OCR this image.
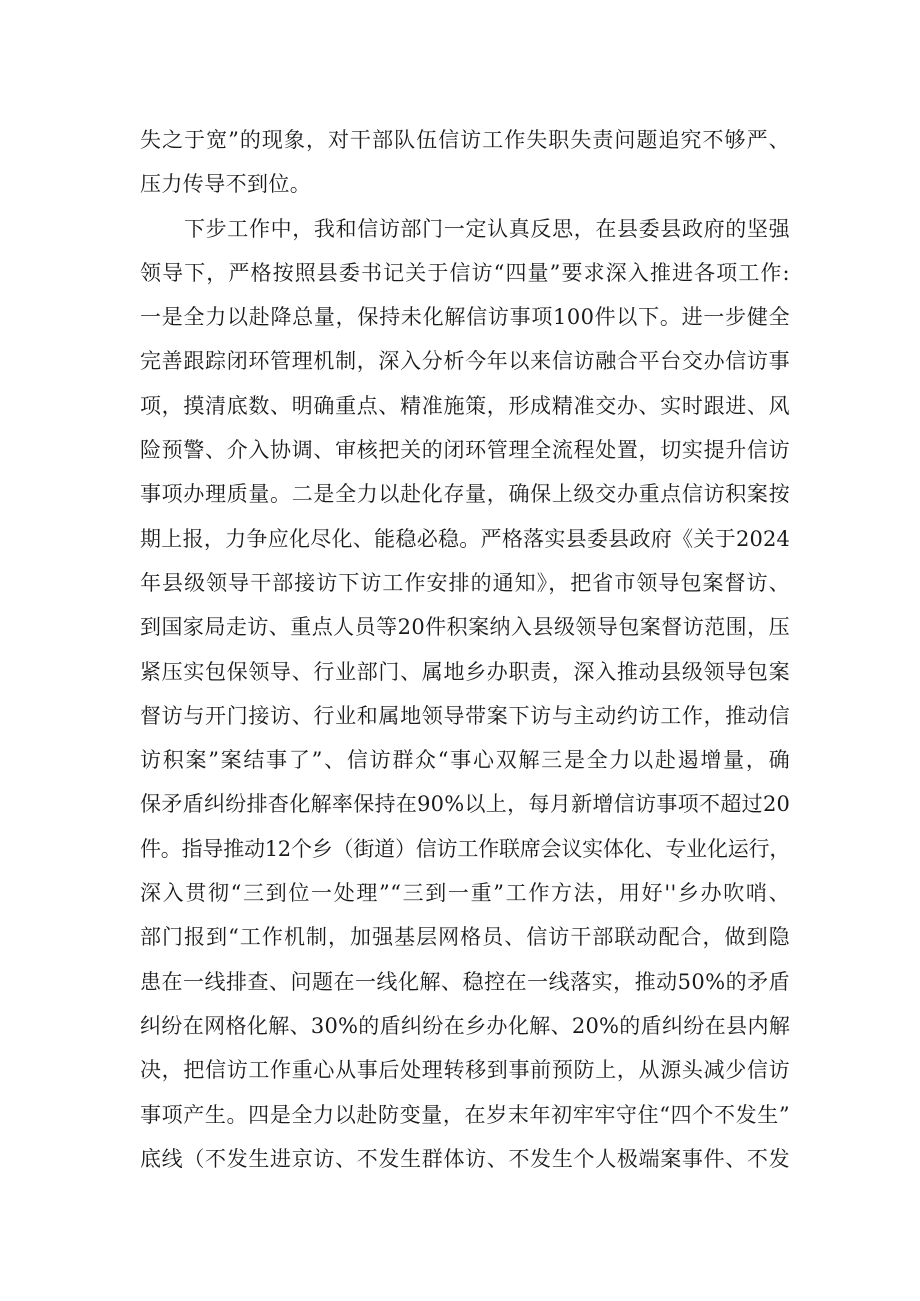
失之于宽”的现象，对干部队伍信访工作失职失责问题追究不够严、
压力传导不到位。
下步工作中，我和信访部门一定认真反思，在县委县政府的坚强
领导下，严格按照县委书记关于信访“四量”要求深入推进各项工作:
一是全力以赴降总量，保持未化解信访事项100件以下。进一步健全
完善跟踪闭环管理机制，深入分析今年以来信访融合平台交办信访事
项，摸清底数、明确重点、精准施策，形成精准交办、实时跟进、风
险预警、介入协调、审核把关的闭环管理全流程处置，切实提升信访
事项办理质量。二是全力以赴化存量，确保上级交办重点信访积案按
期上报，力争应化尽化、能稳必稳。严格落实县委县政府《关于2024
年县级领导干部接访下访工作安排的通知》，把省市领导包案督访、
到国家局走访、重点人员等20件积案纳入县级领导包案督访范围，压
紧压实包保领导、行业部门、属地乡办职责，深入推动县级领导包案
督访与开门接访、行业和属地领导带案下访与主动约访工作，推动信
访积案”案结事了”、信访群众“事心双解三是全力以赴遏增量，确
保矛盾纠纷排杳化解率保持在90%以上，每月新增信访事项不超过20
件。指导推动12个乡（街道）信访工作联席会议实体化、专业化运行，
深入贯彻“三到位一处理”“三到一重”工作方法，用好''乡办吹哨、
部门报到“工作机制，加强基层网格员、信访干部联动配合，做到隐
患在一线排查、问题在一线化解、稳控在一线落实，推动50%的矛盾
纠纷在网格化解、30%的盾纠纷在乡办化解、20%的盾纠纷在县内解
决，把信访工作重心从事后处理转移到事前预防上，从源头减少信访
事项产生。四是全力以赴防变量，在岁末年初牢牢守住“四个不发生”
底线（不发生进京访、不发生群体访、不发生个人极端案事件、不发
